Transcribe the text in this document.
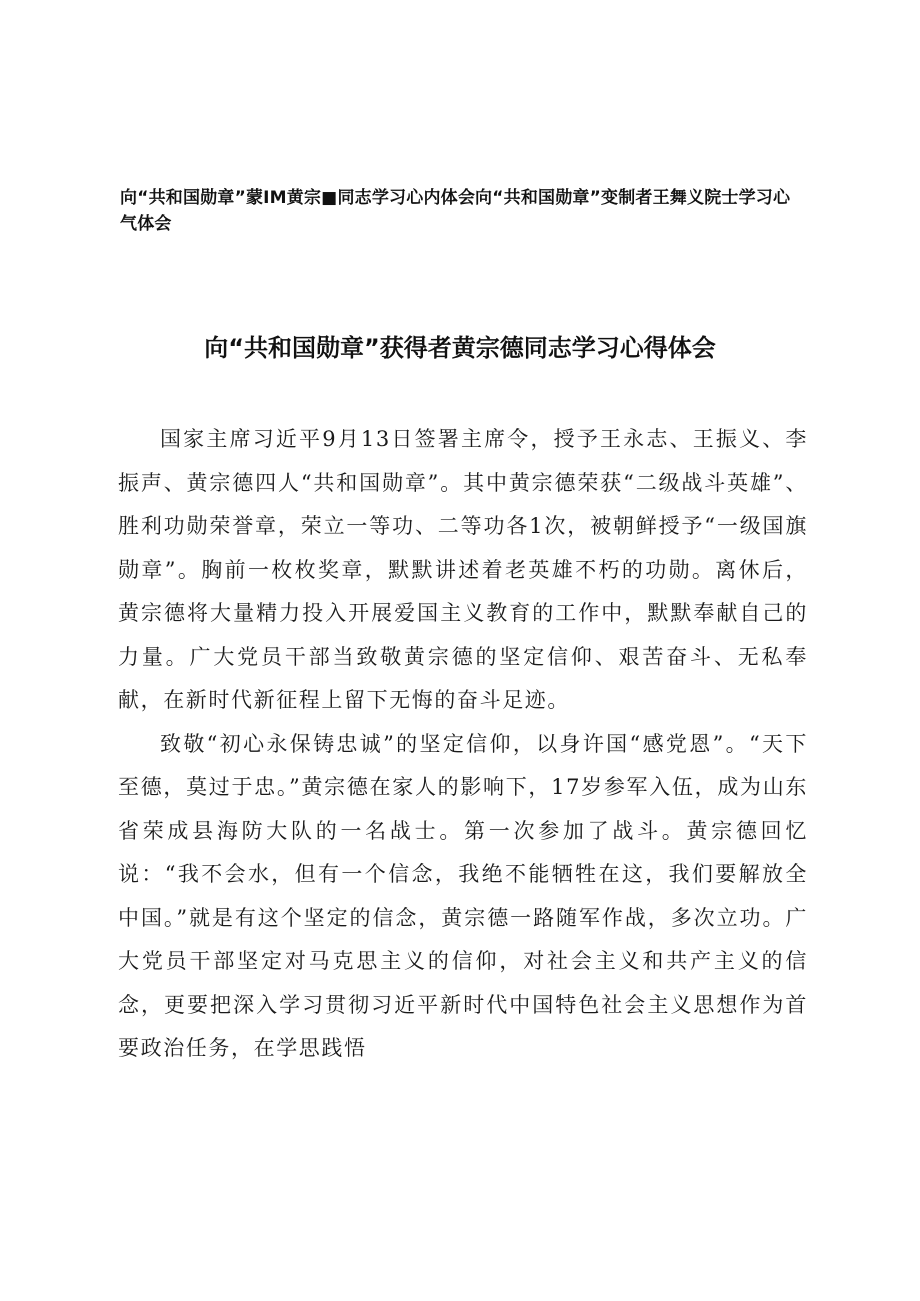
向“共和国勋章”蒙IM黄宗■同志学习心内体会向“共和国勋章”变制者王舞义院士学习心气体会
向“共和国勋章”获得者黄宗德同志学习心得体会

国家主席习近平9月13日签署主席令，授予王永志、王振义、李振声、黄宗德四人“共和国勋章”。其中黄宗德荣获“二级战斗英雄”、胜利功勋荣誉章，荣立一等功、二等功各1次，被朝鲜授予“一级国旗勋章”。胸前一枚枚奖章，默默讲述着老英雄不朽的功勋。离休后，黄宗德将大量精力投入开展爱国主义教育的工作中，默默奉献自己的力量。广大党员干部当致敬黄宗德的坚定信仰、艰苦奋斗、无私奉献，在新时代新征程上留下无悔的奋斗足迹。

致敬“初心永保铸忠诚”的坚定信仰，以身许国“感党恩”。“天下至德，莫过于忠。”黄宗德在家人的影响下，17岁参军入伍，成为山东省荣成县海防大队的一名战士。第一次参加了战斗。黄宗德回忆说：“我不会水，但有一个信念，我绝不能牺牲在这，我们要解放全中国。”就是有这个坚定的信念，黄宗德一路随军作战，多次立功。广大党员干部坚定对马克思主义的信仰，对社会主义和共产主义的信念，更要把深入学习贯彻习近平新时代中国特色社会主义思想作为首要政治任务，在学思践悟
